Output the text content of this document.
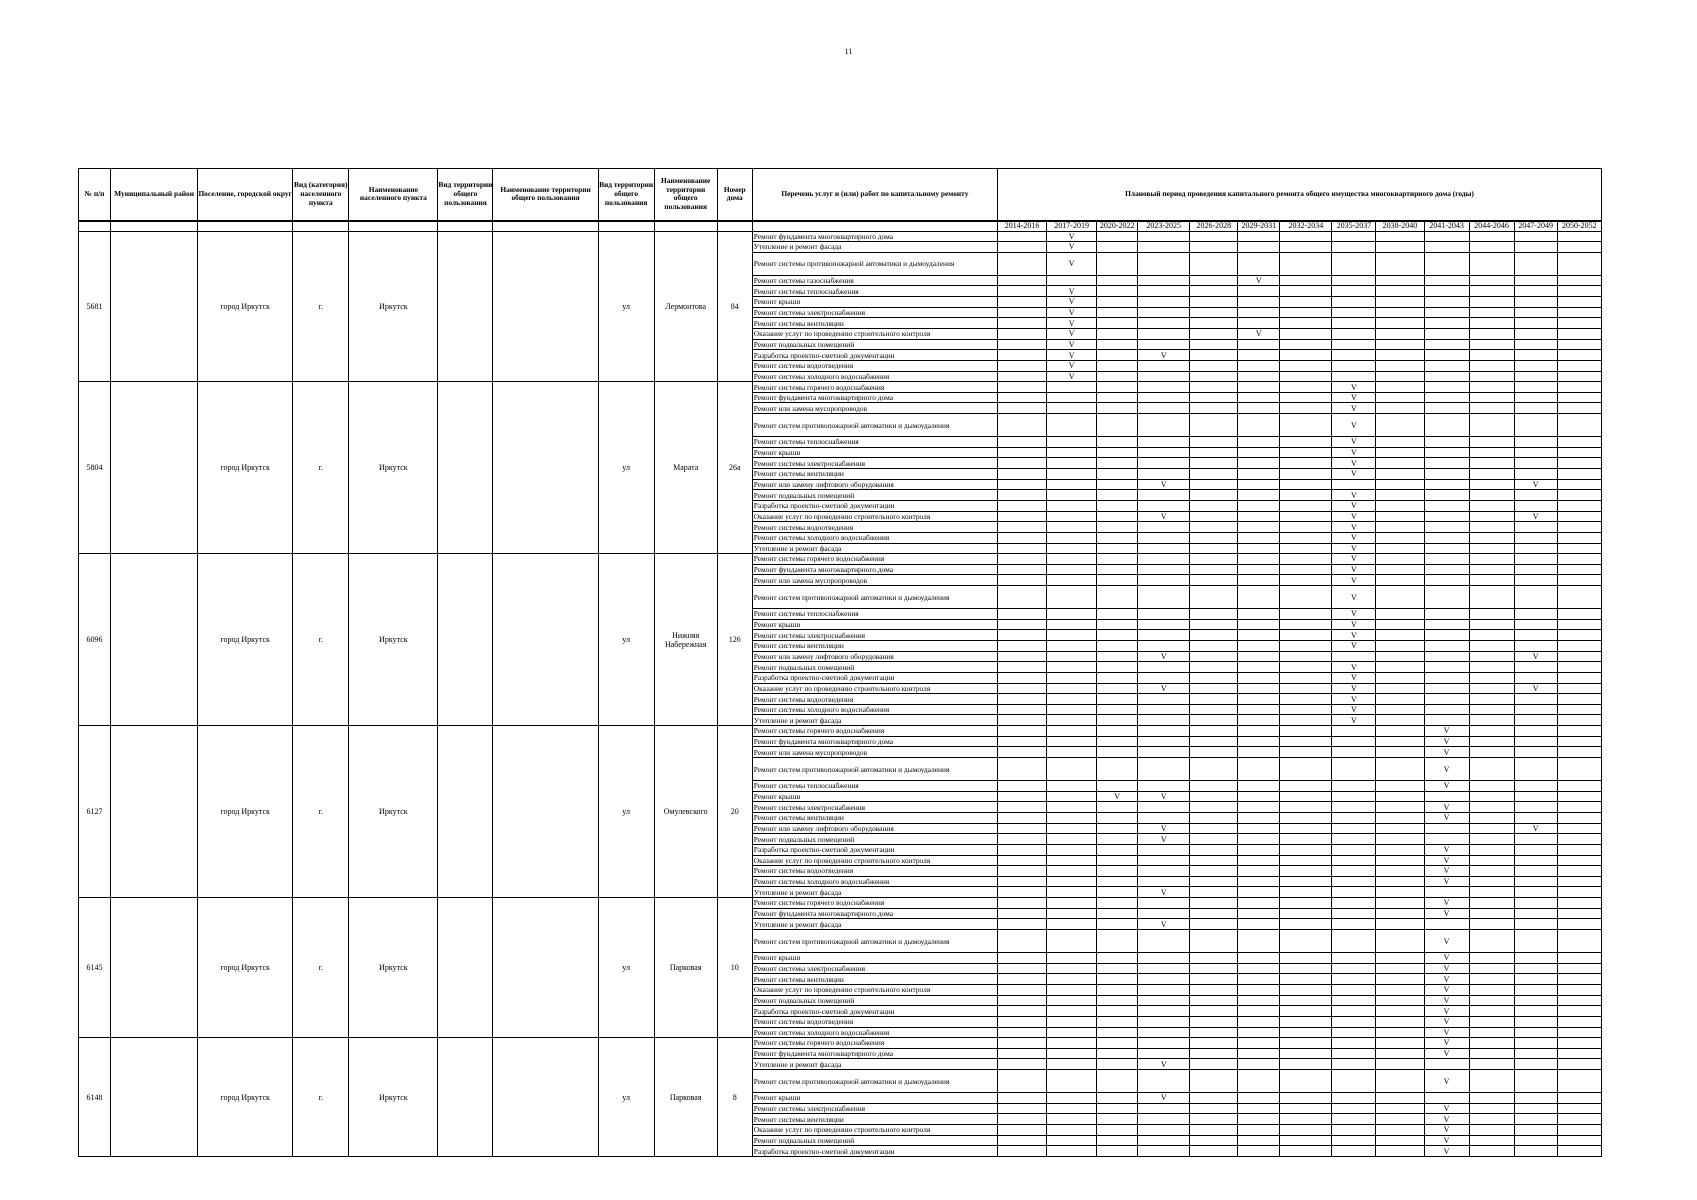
11
№ п/п	Муниципальный район	Поселение, городской округ	Вид (категория) населенного пункта	Наименование населенного пункта	Вид территории общего пользования	Наименование территории общего пользования	Вид территории общего пользования	Наименование территории общего пользования	Номер дома	Перечень услуг и (или) работ по капитальному ремонту	Плановый период проведения капитального ремонта общего имущества многоквартирного дома (годы)												
											2014-2016	2017-2019	2020-2022	2023-2025	2026-2028	2029-2031	2032-2034	2035-2037	2038-2040	2041-2043	2044-2046	2047-2049	2050-2052
5681		город Иркутск	г.	Иркутск			ул	Лермонтова	84	Ремонт фундамента многоквартирного дома		V											
										Утепление и ремонт фасада		V											
										Ремонт системы противопожарной автоматики и дымоудаления		V											
										Ремонт системы газоснабжения						V							
										Ремонт системы теплоснабжения		V											
										Ремонт крыши		V											
										Ремонт системы электроснабжения		V											
										Ремонт системы вентиляции		V											
										Оказание услуг по проведению строительного контроля		V				V							
										Ремонт подвальных помещений		V											
										Разработка проектно-сметной документации		V		V									
										Ремонт системы водоотведения		V											
										Ремонт системы холодного водоснабжения		V											
5804		город Иркутск	г.	Иркутск			ул	Марата	26а	Ремонт системы горячего водоснабжения								V					
										Ремонт фундамента многоквартирного дома								V					
										Ремонт или замена мусоропроводов								V					
										Ремонт систем противопожарной автоматики и дымоудаления								V					
										Ремонт системы теплоснабжения								V					
										Ремонт крыши								V					
										Ремонт системы электроснабжения								V					
										Ремонт системы вентиляции								V					
										Ремонт или замену лифтового оборудования				V								V	
										Ремонт подвальных помещений								V					
										Разработка проектно-сметной документации								V					
										Оказание услуг по проведению строительного контроля				V				V				V	
										Ремонт системы водоотведения								V					
										Ремонт системы холодного водоснабжения								V					
										Утепление и ремонт фасада								V					
6096		город Иркутск	г.	Иркутск			ул	Нижняя Набережная	126	Ремонт системы горячего водоснабжения								V					
										Ремонт фундамента многоквартирного дома								V					
										Ремонт или замена мусоропроводов								V					
										Ремонт систем противопожарной автоматики и дымоудаления								V					
										Ремонт системы теплоснабжения								V					
										Ремонт крыши								V					
										Ремонт системы электроснабжения								V					
										Ремонт системы вентиляции								V					
										Ремонт или замену лифтового оборудования				V								V	
										Ремонт подвальных помещений								V					
										Разработка проектно-сметной документации								V					
										Оказание услуг по проведению строительного контроля				V				V				V	
										Ремонт системы водоотведения								V					
										Ремонт системы холодного водоснабжения								V					
										Утепление и ремонт фасада								V					
6127		город Иркутск	г.	Иркутск			ул	Омулевского	20	Ремонт системы горячего водоснабжения										V			
										Ремонт фундамента многоквартирного дома										V			
										Ремонт или замена мусоропроводов										V			
										Ремонт систем противопожарной автоматики и дымоудаления										V			
										Ремонт системы теплоснабжения										V			
										Ремонт крыши			V	V									
										Ремонт системы электроснабжения										V			
										Ремонт системы вентиляции										V			
										Ремонт или замену лифтового оборудования				V								V	
										Ремонт подвальных помещений				V									
										Разработка проектно-сметной документации										V			
										Оказание услуг по проведению строительного контроля										V			
										Ремонт системы водоотведения										V			
										Ремонт системы холодного водоснабжения										V			
										Утепление и ремонт фасада				V									
6145		город Иркутск	г.	Иркутск			ул	Парковая	10	Ремонт системы горячего водоснабжения										V			
										Ремонт фундамента многоквартирного дома										V			
										Утепление и ремонт фасада				V									
										Ремонт систем противопожарной автоматики и дымоудаления										V			
										Ремонт крыши										V			
										Ремонт системы электроснабжения										V			
										Ремонт системы вентиляции										V			
										Оказание услуг по проведению строительного контроля										V			
										Ремонт подвальных помещений										V			
										Разработка проектно-сметной документации										V			
										Ремонт системы водоотведения										V			
										Ремонт системы холодного водоснабжения										V			
6148		город Иркутск	г.	Иркутск			ул	Парковая	8	Ремонт системы горячего водоснабжения										V			
										Ремонт фундамента многоквартирного дома										V			
										Утепление и ремонт фасада				V									
										Ремонт систем противопожарной автоматики и дымоудаления										V			
										Ремонт крыши				V									
										Ремонт системы электроснабжения										V			
										Ремонт системы вентиляции										V			
										Оказание услуг по проведению строительного контроля										V			
										Ремонт подвальных помещений										V			
										Разработка проектно-сметной документации										V			
